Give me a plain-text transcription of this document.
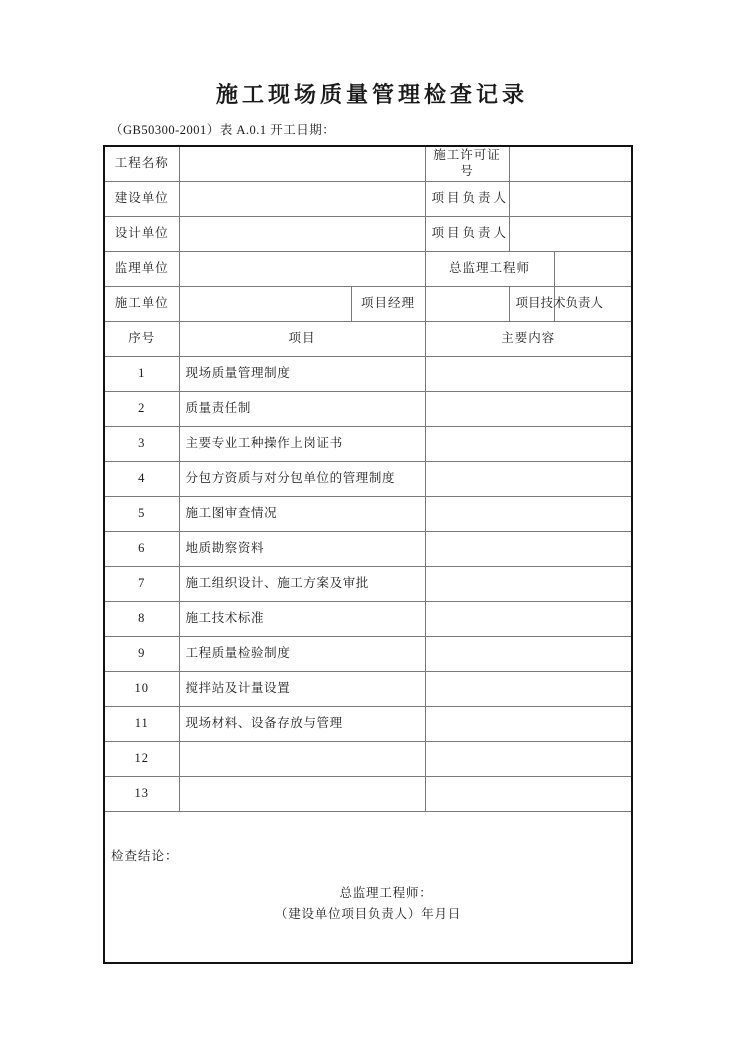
施工现场质量管理检查记录
（GB50300-2001）表 A.0.1 开工日期：
工程名称			施工许可证号		
建设单位			项目负责人		
设计单位			项目负责人		
监理单位			总监理工程师		
施工单位		项目经理		项目技术负责人	
序号	项目		主要内容		
1	现场质量管理制度				
2	质量责任制				
3	主要专业工种操作上岗证书				
4	分包方资质与对分包单位的管理制度				
5	施工图审查情况				
6	地质勘察资料				
7	施工组织设计、施工方案及审批				
8	施工技术标准				
9	工程质量检验制度				
10	搅拌站及计量设置				
11	现场材料、设备存放与管理				
12					
13					

检查结论：
总监理工程师：
（建设单位项目负责人）年月日					
